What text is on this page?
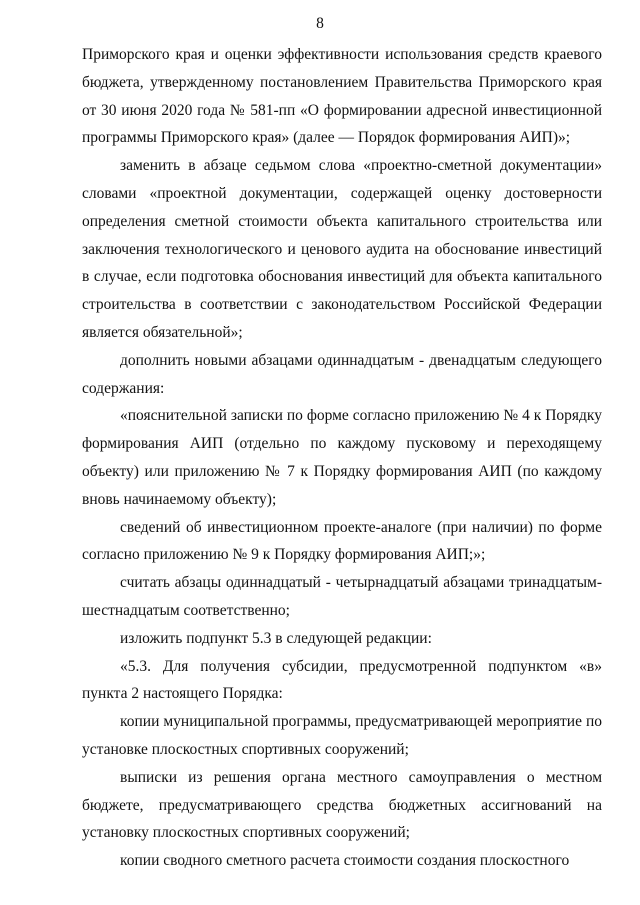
8

Приморского края и оценки эффективности использования средств краевого бюджета, утвержденному постановлением Правительства Приморского края от 30 июня 2020 года № 581-пп «О формировании адресной инвестиционной программы Приморского края» (далее — Порядок формирования АИП)»;

заменить в абзаце седьмом слова «проектно-сметной документации» словами «проектной документации, содержащей оценку достоверности определения сметной стоимости объекта капитального строительства или заключения технологического и ценового аудита на обоснование инвестиций в случае, если подготовка обоснования инвестиций для объекта капитального строительства в соответствии с законодательством Российской Федерации является обязательной»;

дополнить новыми абзацами одиннадцатым - двенадцатым следующего содержания:

«пояснительной записки по форме согласно приложению № 4 к Порядку формирования АИП (отдельно по каждому пусковому и переходящему объекту) или приложению № 7 к Порядку формирования АИП (по каждому вновь начинаемому объекту);

сведений об инвестиционном проекте-аналоге (при наличии) по форме согласно приложению № 9 к Порядку формирования АИП;»;

считать абзацы одиннадцатый - четырнадцатый абзацами тринадцатым-шестнадцатым соответственно;

изложить подпункт 5.3 в следующей редакции:

«5.3. Для получения субсидии, предусмотренной подпунктом «в» пункта 2 настоящего Порядка:

копии муниципальной программы, предусматривающей мероприятие по установке плоскостных спортивных сооружений;

выписки из решения органа местного самоуправления о местном бюджете, предусматривающего средства бюджетных ассигнований на установку плоскостных спортивных сооружений;

копии сводного сметного расчета стоимости создания плоскостного
